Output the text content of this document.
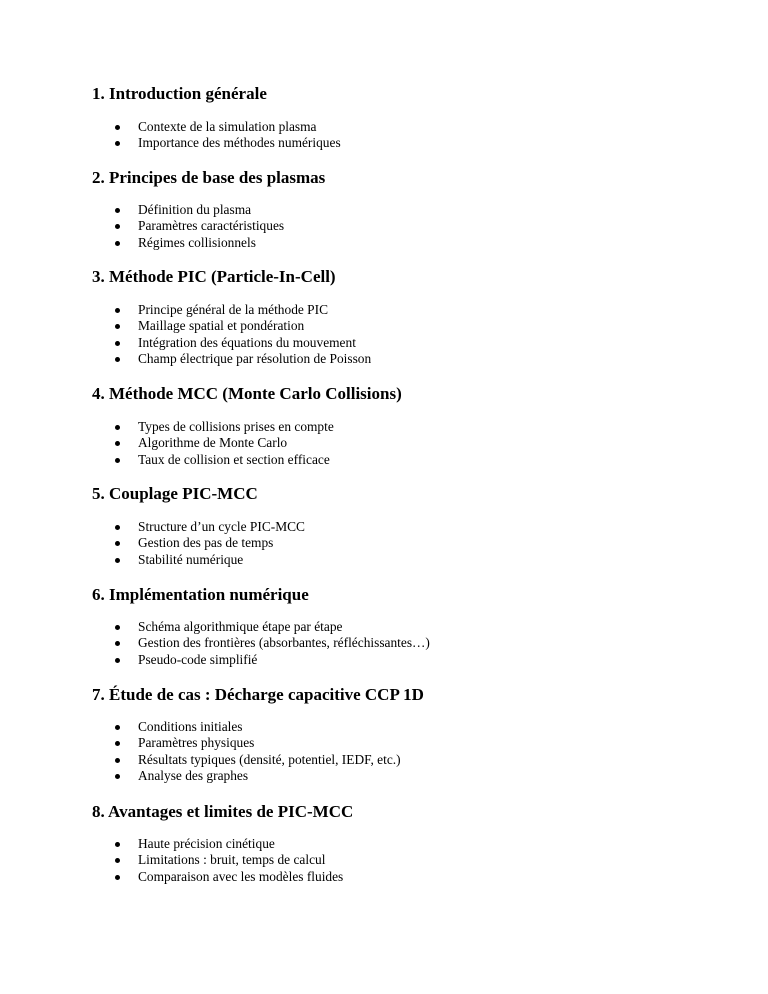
1. Introduction générale
Contexte de la simulation plasma
Importance des méthodes numériques
2. Principes de base des plasmas
Définition du plasma
Paramètres caractéristiques
Régimes collisionnels
3. Méthode PIC (Particle-In-Cell)
Principe général de la méthode PIC
Maillage spatial et pondération
Intégration des équations du mouvement
Champ électrique par résolution de Poisson
4. Méthode MCC (Monte Carlo Collisions)
Types de collisions prises en compte
Algorithme de Monte Carlo
Taux de collision et section efficace
5. Couplage PIC-MCC
Structure d’un cycle PIC-MCC
Gestion des pas de temps
Stabilité numérique
6. Implémentation numérique
Schéma algorithmique étape par étape
Gestion des frontières (absorbantes, réfléchissantes…)
Pseudo-code simplifié
7. Étude de cas : Décharge capacitive CCP 1D
Conditions initiales
Paramètres physiques
Résultats typiques (densité, potentiel, IEDF, etc.)
Analyse des graphes
8. Avantages et limites de PIC-MCC
Haute précision cinétique
Limitations : bruit, temps de calcul
Comparaison avec les modèles fluides
